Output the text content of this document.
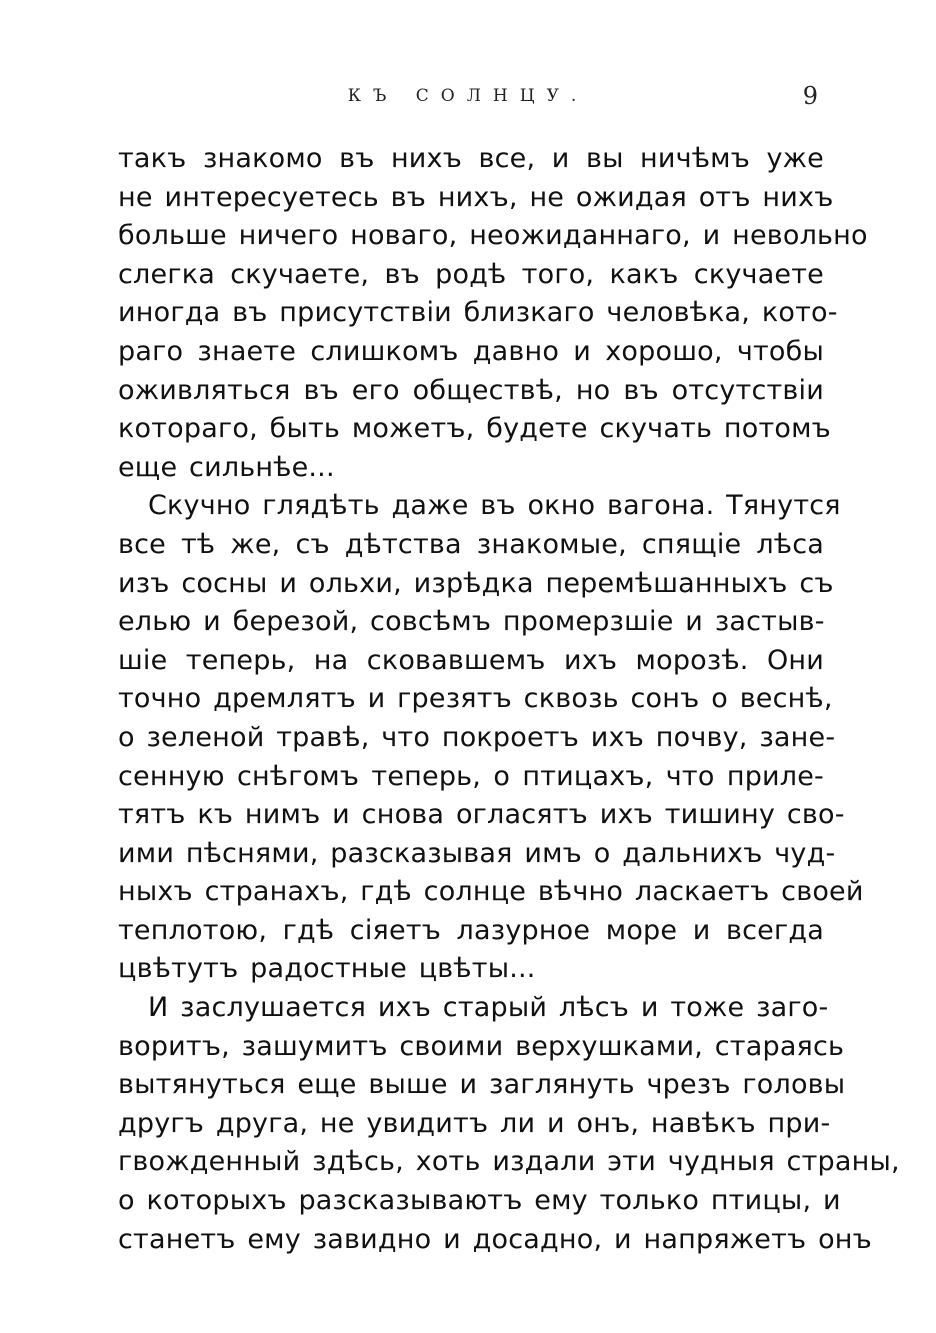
КЪ СОЛНЦУ.	9
такъ знакомо въ нихъ все, и вы ничѣмъ уже
не интересуетесь въ нихъ, не ожидая отъ нихъ
больше ничего новаго, неожиданнаго, и невольно
слегка скучаете, въ родѣ того, какъ скучаете
иногда въ присутствiи близкаго человѣка, кото-
раго знаете слишкомъ давно и хорошо, чтобы
оживляться въ его обществѣ, но въ отсутствiи
котораго, быть можетъ, будете скучать потомъ
еще сильнѣе...
Скучно глядѣть даже въ окно вагона. Тянутся
все тѣ же, съ дѣтства знакомые, спящiе лѣса
изъ сосны и ольхи, изрѣдка перемѣшанныхъ съ
елью и березой, совсѣмъ промерзшiе и застыв-
шiе теперь, на сковавшемъ ихъ морозѣ. Они
точно дремлятъ и грезятъ сквозь сонъ о веснѣ,
о зеленой травѣ, что покроетъ ихъ почву, зане-
сенную снѣгомъ теперь, о птицахъ, что приле-
тятъ къ нимъ и снова огласятъ ихъ тишину сво-
ими пѣснями, разсказывая имъ о дальнихъ чуд-
ныхъ странахъ, гдѣ солнце вѣчно ласкаетъ своей
теплотою, гдѣ сiяетъ лазурное море и всегда
цвѣтутъ радостные цвѣты...
И заслушается ихъ старый лѣсъ и тоже заго-
воритъ, зашумитъ своими верхушками, стараясь
вытянуться еще выше и заглянуть чрезъ головы
другъ друга, не увидитъ ли и онъ, навѣкъ при-
гвожденный здѣсь, хоть издали эти чудныя страны,
о которыхъ разсказываютъ ему только птицы, и
станетъ ему завидно и досадно, и напряжетъ онъ
